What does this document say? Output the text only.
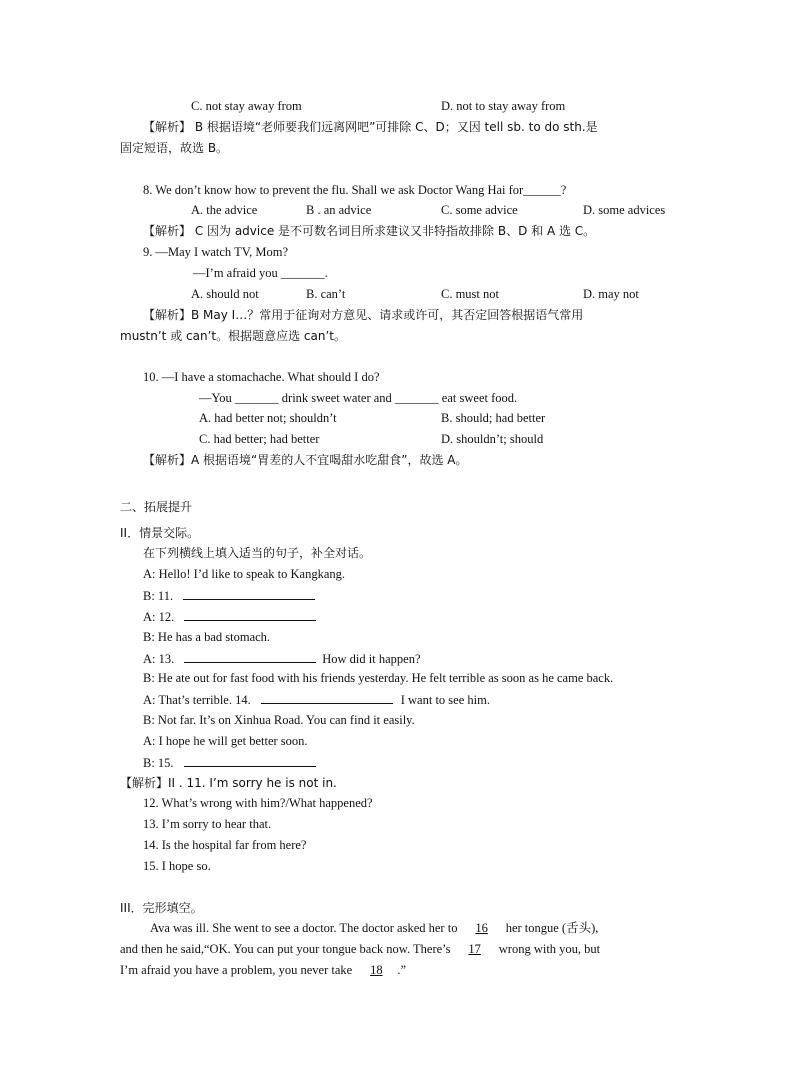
C. not stay away from	D. not to stay away from
【解析】 B 根据语境“老师要我们远离网吧”可排除 C、D；又因 tell sb. to do sth.是
固定短语，故选 B。
8. We don’t know how to prevent the flu. Shall we ask Doctor Wang Hai for______?
A. the advice	B . an advice	C. some advice	D. some advices
【解析】 C 因为 advice 是不可数名词目所求建议又非特指故排除 B、D 和 A 选 C。
9. —May I watch TV, Mom?
—I’m afraid you _______.
A. should not	B. can’t	C. must not	D. may not
【解析】B May I…？常用于征询对方意见、请求或许可，其否定回答根据语气常用
mustn’t 或 can’t。根据题意应选 can’t。
10. —I have a stomachache. What should I do?
—You _______ drink sweet water and _______ eat sweet food.
A. had better not; shouldn’t	B. should; had better
C. had better; had better	D. shouldn’t; should
【解析】A 根据语境“胃差的人不宜喝甜水吃甜食”，故选 A。
二、拓展提升
II．情景交际。
在下列横线上填入适当的句子，补全对话。
A: Hello! I’d like to speak to Kangkang.
B: 11.
A: 12.
B: He has a bad stomach.
A: 13.	How did it happen?
B: He ate out for fast food with his friends yesterday. He felt terrible as soon as he came back.
A: That’s terrible. 14.	I want to see him.
B: Not far. It’s on Xinhua Road. You can find it easily.
A: I hope he will get better soon.
B: 15.
【解析】II . 11. I’m sorry he is not in.
12. What’s wrong with him?/What happened?
13. I’m sorry to hear that.
14. Is the hospital far from here?
15. I hope so.
III．完形填空。
Ava was ill. She went to see a doctor. The doctor asked her to 16 her tongue (舌头),
and then he said,“OK. You can put your tongue back now. There’s 17 wrong with you, but
I’m afraid you have a problem, you never take 18 .”
